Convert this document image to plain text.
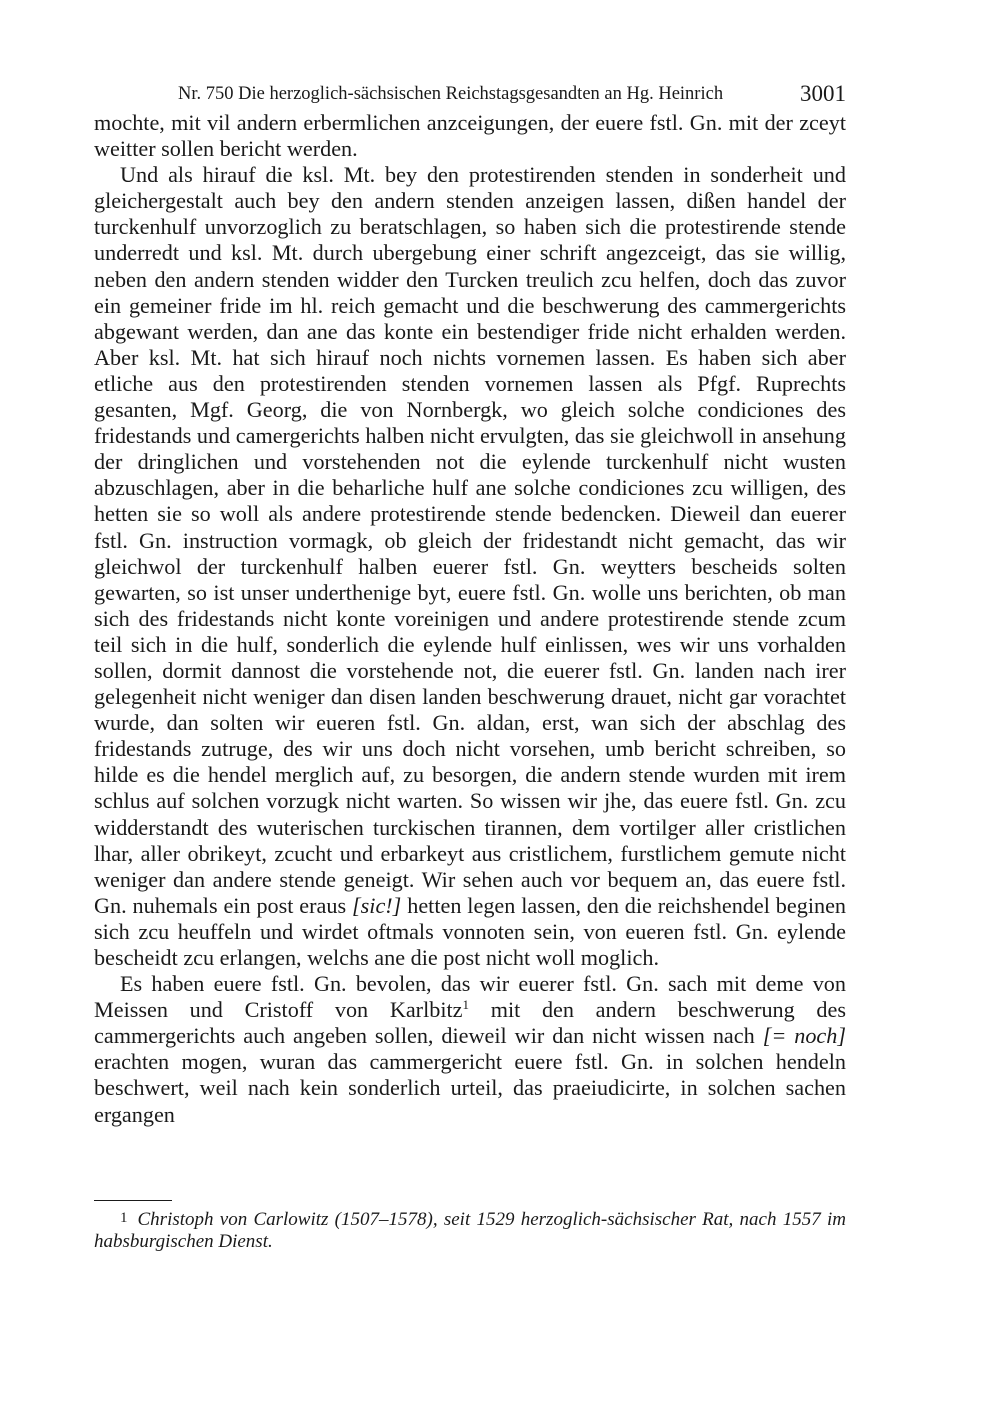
Nr. 750 Die herzoglich-sächsischen Reichstagsgesandten an Hg. Heinrich	3001

mochte, mit vil andern erbermlichen anzceigungen, der euere fstl. Gn. mit der zceyt weitter sollen bericht werden.

Und als hirauf die ksl. Mt. bey den protestirenden stenden in sonderheit und gleichergestalt auch bey den andern stenden anzeigen lassen, dißen handel der turckenhulf unvorzoglich zu beratschlagen, so haben sich die protestirende stende underredt und ksl. Mt. durch ubergebung einer schrift angezceigt, das sie willig, neben den andern stenden widder den Turcken treulich zcu helfen, doch das zuvor ein gemeiner fride im hl. reich gemacht und die beschwerung des cammergerichts abgewant werden, dan ane das konte ein bestendiger fride nicht erhalden werden. Aber ksl. Mt. hat sich hirauf noch nichts vornemen lassen. Es haben sich aber etliche aus den protestirenden stenden vornemen lassen als Pfgf. Ruprechts gesanten, Mgf. Georg, die von Nornbergk, wo gleich solche condiciones des fridestands und camergerichts halben nicht ervulgten, das sie gleichwoll in ansehung der dringlichen und vorstehenden not die eylende turckenhulf nicht wusten abzuschlagen, aber in die beharliche hulf ane solche condiciones zcu willigen, des hetten sie so woll als andere protestirende stende bedencken. Dieweil dan euerer fstl. Gn. instruction vormagk, ob gleich der fridestandt nicht gemacht, das wir gleichwol der turckenhulf halben euerer fstl. Gn. weytters bescheids solten gewarten, so ist unser underthenige byt, euere fstl. Gn. wolle uns berichten, ob man sich des fridestands nicht konte voreinigen und andere protestirende stende zcum teil sich in die hulf, sonderlich die eylende hulf einlissen, wes wir uns vorhalden sollen, dormit dannost die vorstehende not, die euerer fstl. Gn. landen nach irer gelegenheit nicht weniger dan disen landen beschwerung drauet, nicht gar vorachtet wurde, dan solten wir eueren fstl. Gn. aldan, erst, wan sich der abschlag des fridestands zutruge, des wir uns doch nicht vorsehen, umb bericht schreiben, so hilde es die hendel merglich auf, zu besorgen, die andern stende wurden mit irem schlus auf solchen vorzugk nicht warten. So wissen wir jhe, das euere fstl. Gn. zcu widderstandt des wuterischen turckischen tirannen, dem vortilger aller cristlichen lhar, aller obrikeyt, zcucht und erbarkeyt aus cristlichem, furstlichem gemute nicht weniger dan andere stende geneigt. Wir sehen auch vor bequem an, das euere fstl. Gn. nuhemals ein post eraus [sic!] hetten legen lassen, den die reichshendel beginen sich zcu heuffeln und wirdet oftmals vonnoten sein, von eueren fstl. Gn. eylende bescheidt zcu erlangen, welchs ane die post nicht woll moglich.

Es haben euere fstl. Gn. bevolen, das wir euerer fstl. Gn. sach mit deme von Meissen und Cristoff von Karlbitz$^1$ mit den andern beschwerung des cammergerichts auch angeben sollen, dieweil wir dan nicht wissen nach [= noch] erachten mogen, wuran das cammergericht euere fstl. Gn. in solchen hendeln beschwert, weil nach kein sonderlich urteil, das praeiudicirte, in solchen sachen ergangen

1 Christoph von Carlowitz (1507–1578), seit 1529 herzoglich-sächsischer Rat, nach 1557 im habsburgischen Dienst.
